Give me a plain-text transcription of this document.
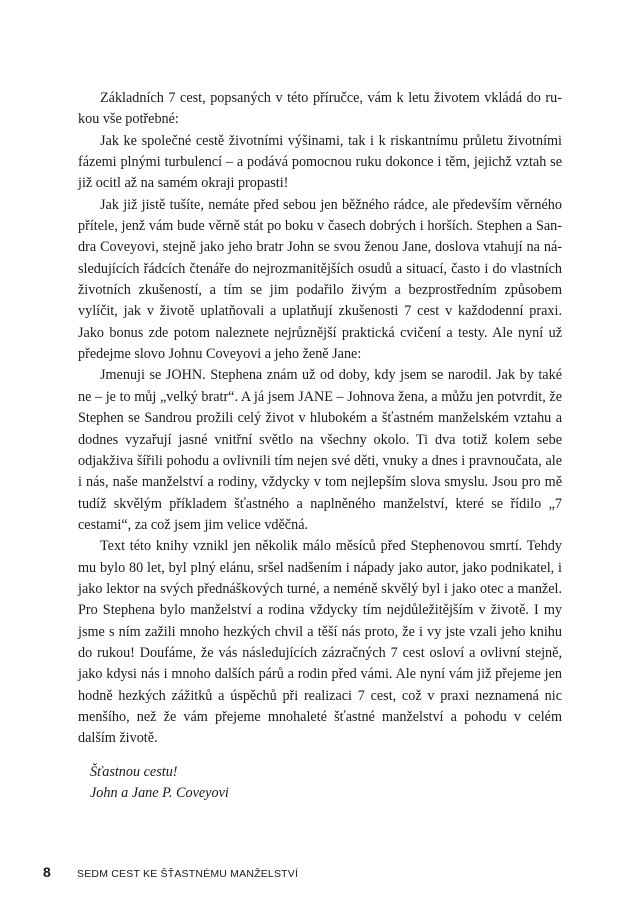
Základních 7 cest, popsaných v této příručce, vám k letu životem vkládá do rukou vše potřebné:

Jak ke společné cestě životními výšinami, tak i k riskantnímu průletu životními fázemi plnými turbulencí – a podává pomocnou ruku dokonce i těm, jejichž vztah se již ocitl až na samém okraji propasti!

Jak již jistě tušíte, nemáte před sebou jen běžného rádce, ale především věrného přítele, jenž vám bude věrně stát po boku v časech dobrých i horších. Stephen a Sandra Coveyovi, stejně jako jeho bratr John se svou ženou Jane, doslova vtahují na následujících řádcích čtenáře do nejrozmanitějších osudů a situací, často i do vlastních životních zkušeností, a tím se jim podařilo živým a bezprostředním způsobem vylíčit, jak v životě uplatňovali a uplatňují zkušenosti 7 cest v každodenní praxi. Jako bonus zde potom naleznete nejrůznější praktická cvičení a testy. Ale nyní už předejme slovo Johnu Coveyovi a jeho ženě Jane:

Jmenuji se JOHN. Stephena znám už od doby, kdy jsem se narodil. Jak by také ne – je to můj „velký bratr“. A já jsem JANE – Johnova žena, a můžu jen potvrdit, že Stephen se Sandrou prožili celý život v hlubokém a šťastném manželském vztahu a dodnes vyzařují jasné vnitřní světlo na všechny okolo. Ti dva totiž kolem sebe odjakživa šířili pohodu a ovlivnili tím nejen své děti, vnuky a dnes i pravnoučata, ale i nás, naše manželství a rodiny, vždycky v tom nejlepším slova smyslu. Jsou pro mě tudíž skvělým příkladem šťastného a naplněného manželství, které se řídilo „7 cestami“, za což jsem jim velice vděčná.

Text této knihy vznikl jen několik málo měsíců před Stephenovou smrtí. Tehdy mu bylo 80 let, byl plný elánu, sršel nadšením i nápady jako autor, jako podnikatel, i jako lektor na svých přednáškových turné, a neméně skvělý byl i jako otec a manžel. Pro Stephena bylo manželství a rodina vždycky tím nejdůležitějším v životě. I my jsme s ním zažili mnoho hezkých chvil a těší nás proto, že i vy jste vzali jeho knihu do rukou! Doufáme, že vás následujících zázračných 7 cest osloví a ovlivní stejně, jako kdysi nás i mnoho dalších párů a rodin před vámi. Ale nyní vám již přejeme jen hodně hezkých zážitků a úspěchů při realizaci 7 cest, což v praxi neznamená nic menšího, než že vám přejeme mnohaleté šťastné manželství a pohodu v celém dalším životě.

Šťastnou cestu!
John a Jane P. Coveyovi
8 SEDM CEST KE ŠŤASTNÉMU MANŽELSTVÍ
